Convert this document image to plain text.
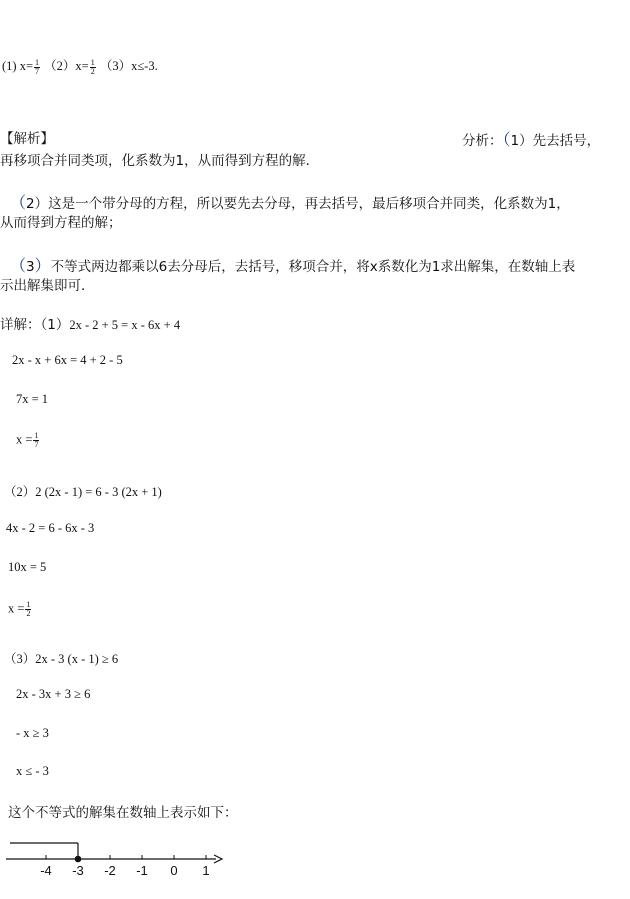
(1) $x= \frac{1}{7} (2)x= \frac{1}{2} (3)x\le-3$.
【解析】	分析：（1）先去括号，
再移项合并同类项，化系数为1，从而得到方程的解．
（2）这是一个带分母的方程，所以要先去分母，再去括号，最后移项合并同类，化系数为1，
从而得到方程的解；
（3）不等式两边都乘以6去分母后，去括号，移项合并，将x系数化为1求出解集，在数轴上表
示出解集即可．
详解：（1）2x - 2 + 5 = x - 6x + 4
2x - x + 6x = 4 + 2 - 5
7x = 1
$x = \frac{1}{7}$
（2）2 (2x - 1) = 6 - 3 (2x + 1)
4x - 2 = 6 - 6x - 3
10x = 5
$x = \frac{1}{2}$
（3）2x - 3 (x - 1) ≥ 6
2x - 3x + 3 ≥ 6
- x ≥ 3
x ≤ - 3
这个不等式的解集在数轴上表示如下：
-4 -3 -2 -1 0 1
